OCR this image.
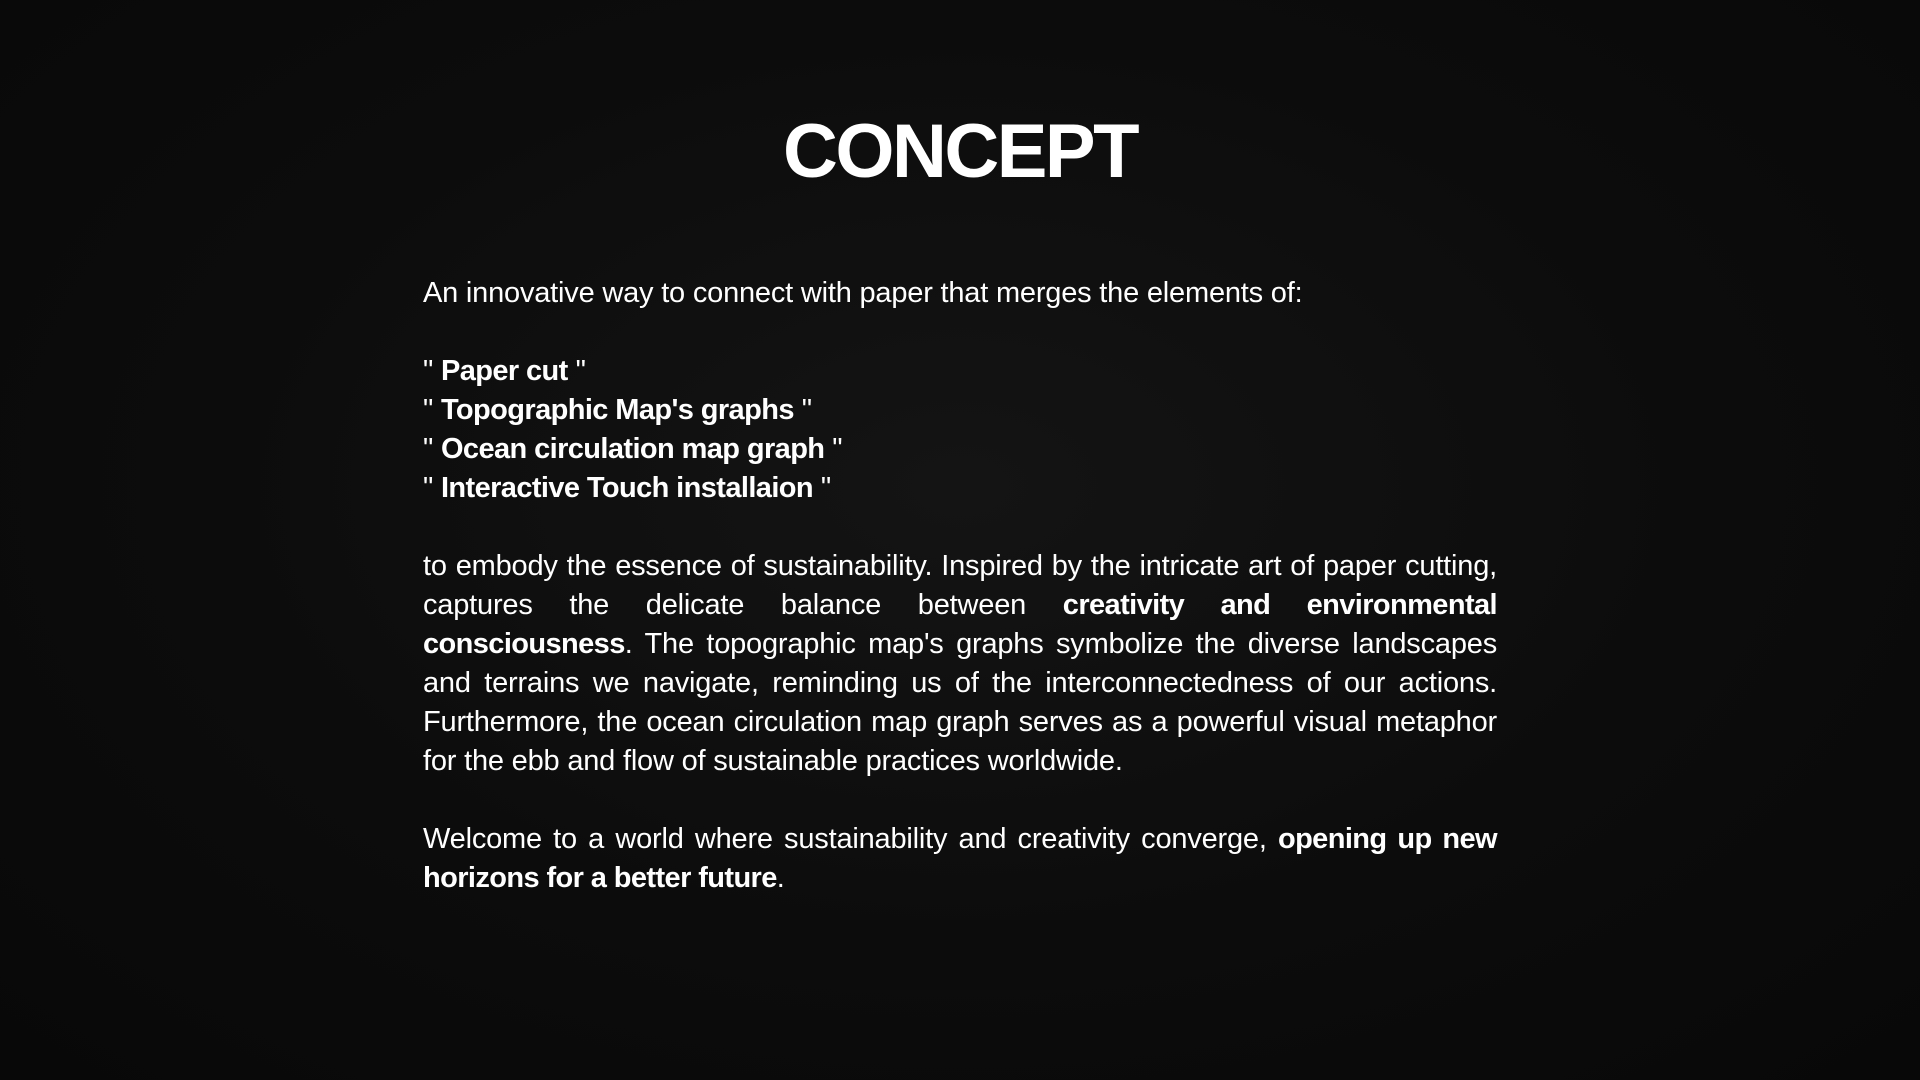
CONCEPT

An innovative way to connect with paper that merges the elements of:

" Paper cut "

" Topographic Map's graphs "

" Ocean circulation map graph "

" Interactive Touch installaion "

to embody the essence of sustainability. Inspired by the intricate art of paper cutting, captures the delicate balance between creativity and environmental consciousness. The topographic map's graphs symbolize the diverse landscapes and terrains we navigate, reminding us of the interconnectedness of our actions. Furthermore, the ocean circulation map graph serves as a powerful visual metaphor for the ebb and flow of sustainable practices worldwide.

Welcome to a world where sustainability and creativity converge, opening up new horizons for a better future.
